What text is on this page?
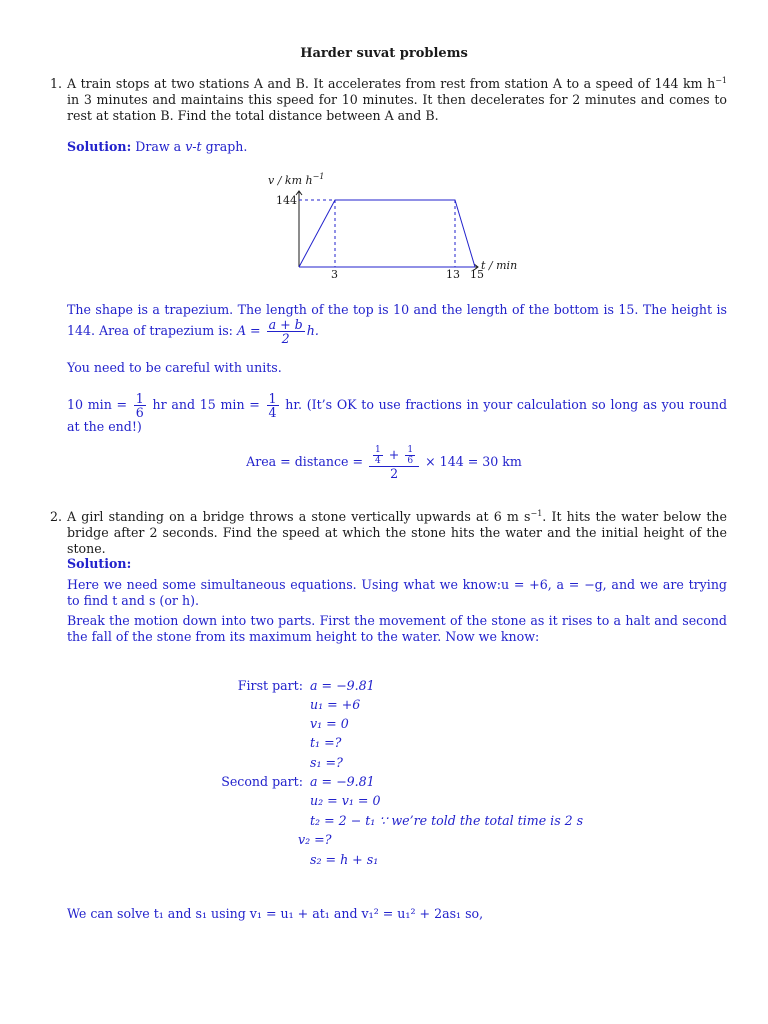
Harder suvat problems
1. A train stops at two stations A and B. It accelerates from rest from station A to a speed of 144 km $h^{-1}$ in 3 minutes and maintains this speed for 10 minutes. It then decelerates for 2 minutes and comes to rest at station B. Find the total distance between A and B.
Solution: Draw a v-t graph.
v / km $h^{-1}$
144
t / min
3	13 15
The shape is a trapezium. The length of the top is 10 and the length of the bottom is 15. The height is 144. Area of trapezium is: $A = \frac{a + b}{2} h$.
You need to be careful with units.
10 $\min = \frac{1}{6}$ hr and 15 $\min = \frac{1}{4}$ hr. (It’s OK to use fractions in your calculation so long as you round at the end!)
Area = distance = $\frac{\frac{1}{4} + \frac{1}{6}}{2} \times 144 = 30$ km
2. A girl standing on a bridge throws a stone vertically upwards at 6 m $s^{-1}$. It hits the water below the bridge after 2 seconds. Find the speed at which the stone hits the water and the initial height of the stone.
Solution:
Here we need some simultaneous equations. Using what we know:u = +6, a = −g, and we are trying to find t and s (or h).
Break the motion down into two parts. First the movement of the stone as it rises to a halt and second the fall of the stone from its maximum height to the water. Now we know:
First part: a = −9.81
u₁ = +6
v₁ = 0
t₁ =?
s₁ =?
Second part: a = −9.81
u₂ = v₁ = 0
t₂ = 2 − t₁ ∵ we’re told the total time is 2 s
v₂ =?
s₂ = h + s₁
We can solve t₁ and s₁ using v₁ = u₁ + at₁ and v₁² = u₁² + 2as₁ so,
